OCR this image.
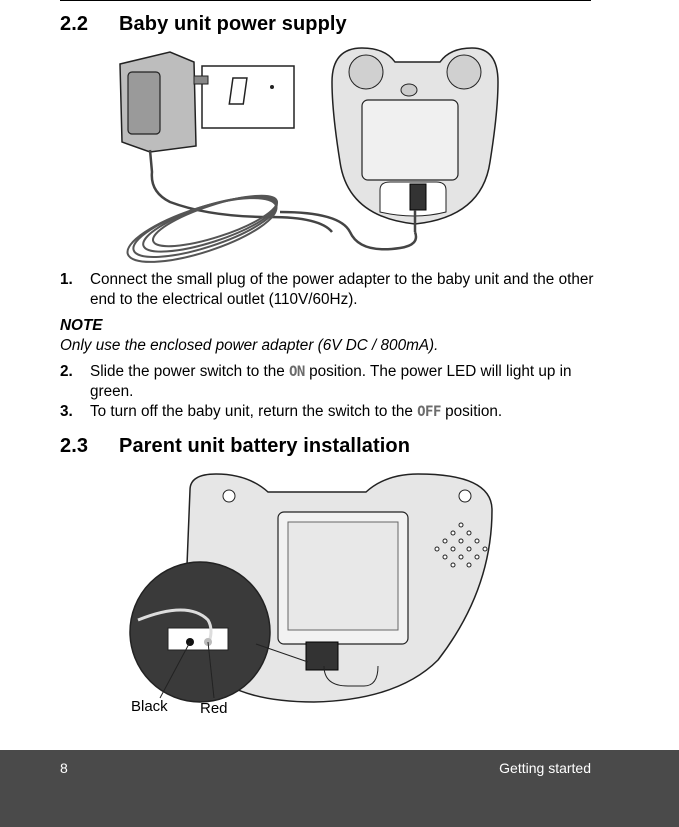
2.2 Baby unit power supply
1. Connect the small plug of the power adapter to the baby unit and the other end to the electrical outlet (110V/60Hz).
NOTE
Only use the enclosed power adapter (6V DC / 800mA).
2. Slide the power switch to the ON position. The power LED will light up in green.
3. To turn off the baby unit, return the switch to the OFF position.
2.3 Parent unit battery installation
Black Red
8	Getting started
